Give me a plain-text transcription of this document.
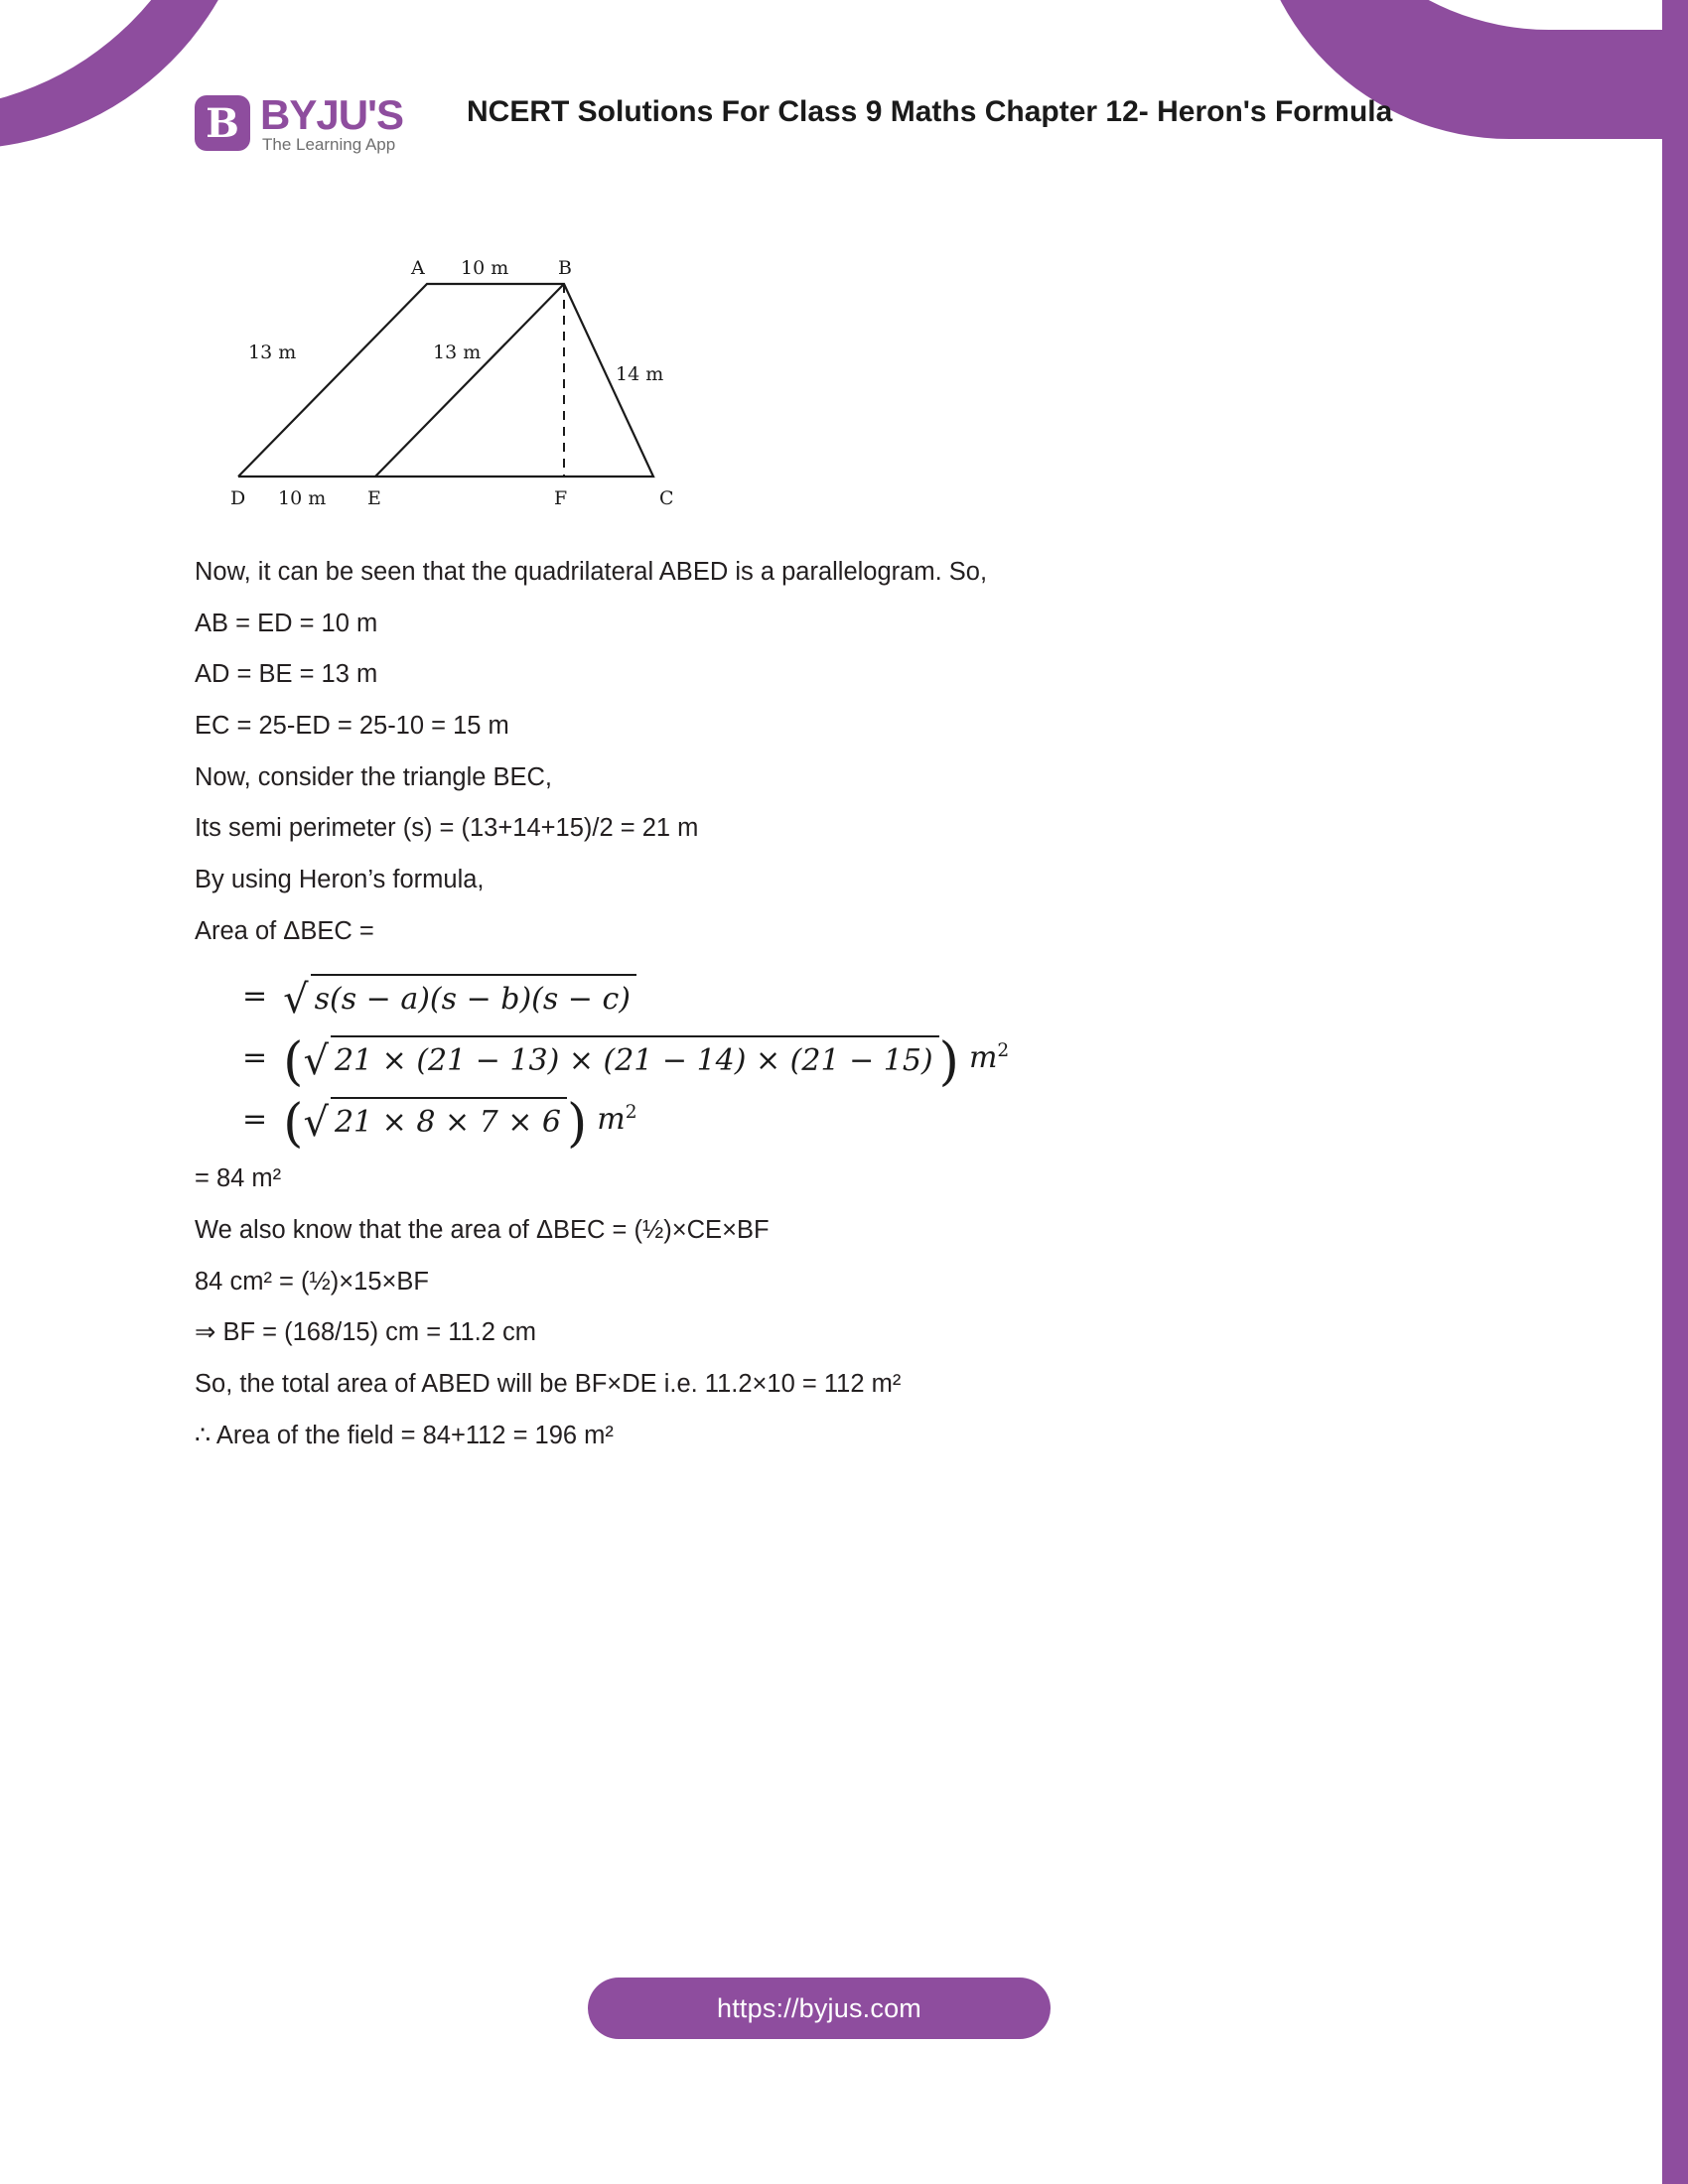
B BYJU'S
The Learning App
NCERT Solutions For Class 9 Maths Chapter 12- Heron's Formula
A	B
C
D	E	F
10 m
13 m	13 m
14 m
10 m

Now, it can be seen that the quadrilateral ABED is a parallelogram. So,

AB = ED = 10 m

AD = BE = 13 m

EC = 25-ED = 25-10 = 15 m

Now, consider the triangle BEC,

Its semi perimeter (s) = (13+14+15)/2 = 21 m

By using Heron’s formula,

Area of ΔBEC =

= √ s(s − a)(s − b)(s − c)
= ( √ 21 × (21 − 13) × (21 − 14) × (21 − 15) ) $m^2$
= ( √ 21 × 8 × 7 × 6 ) $m^2$

= 84 m²

We also know that the area of ΔBEC = (½)×CE×BF

84 cm² = (½)×15×BF

⇒ BF = (168/15) cm = 11.2 cm

So, the total area of ABED will be BF×DE i.e. 11.2×10 = 112 m²

∴ Area of the field = 84+112 = 196 m²

https://byjus.com
